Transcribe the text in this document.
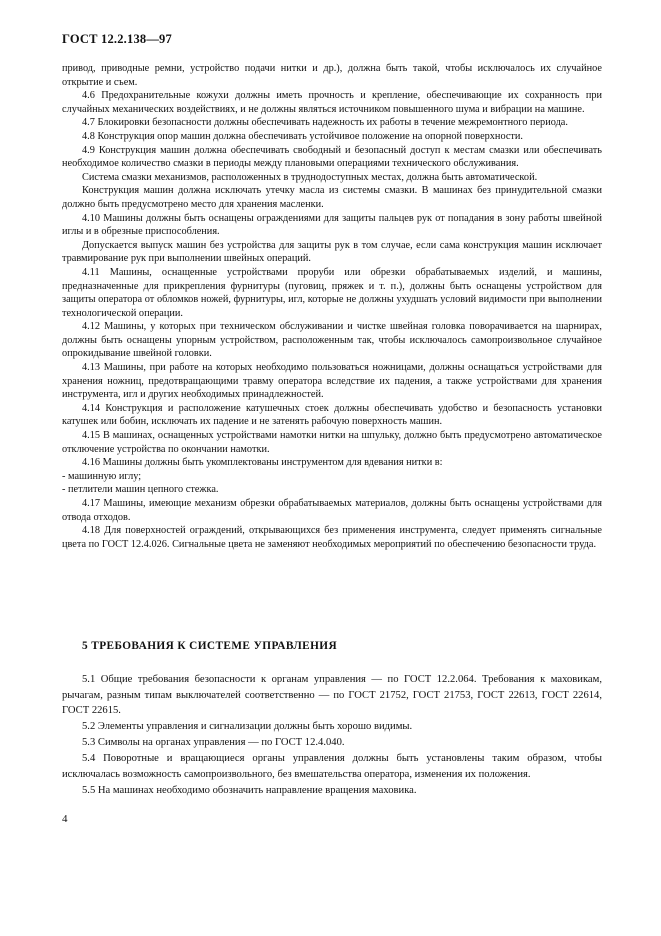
ГОСТ 12.2.138—97

привод, приводные ремни, устройство подачи нитки и др.), должна быть такой, чтобы исключалось их случайное открытие и съем.

4.6 Предохранительные кожухи должны иметь прочность и крепление, обеспечивающие их сохранность при случайных механических воздействиях, и не должны являться источником повышенного шума и вибрации на машине.

4.7 Блокировки безопасности должны обеспечивать надежность их работы в течение межремонтного периода.

4.8 Конструкция опор машин должна обеспечивать устойчивое положение на опорной поверхности.

4.9 Конструкция машин должна обеспечивать свободный и безопасный доступ к местам смазки или обеспечивать необходимое количество смазки в периоды между плановыми операциями технического обслуживания.

Система смазки механизмов, расположенных в труднодоступных местах, должна быть автоматической.

Конструкция машин должна исключать утечку масла из системы смазки. В машинах без принудительной смазки должно быть предусмотрено место для хранения масленки.

4.10 Машины должны быть оснащены ограждениями для защиты пальцев рук от попадания в зону работы швейной иглы и в обрезные приспособления.

Допускается выпуск машин без устройства для защиты рук в том случае, если сама конструкция машин исключает травмирование рук при выполнении швейных операций.

4.11 Машины, оснащенные устройствами проруби или обрезки обрабатываемых изделий, и машины, предназначенные для прикрепления фурнитуры (пуговиц, пряжек и т. п.), должны быть оснащены устройством для защиты оператора от обломков ножей, фурнитуры, игл, которые не должны ухудшать условий видимости при выполнении технологической операции.

4.12 Машины, у которых при техническом обслуживании и чистке швейная головка поворачивается на шарнирах, должны быть оснащены упорным устройством, расположенным так, чтобы исключалось самопроизвольное случайное опрокидывание швейной головки.

4.13 Машины, при работе на которых необходимо пользоваться ножницами, должны оснащаться устройствами для хранения ножниц, предотвращающими травму оператора вследствие их падения, а также устройствами для хранения инструмента, игл и других необходимых принадлежностей.

4.14 Конструкция и расположение катушечных стоек должны обеспечивать удобство и безопасность установки катушек или бобин, исключать их падение и не затенять рабочую поверхность машин.

4.15 В машинах, оснащенных устройствами намотки нитки на шпульку, должно быть предусмотрено автоматическое отключение устройства по окончании намотки.

4.16 Машины должны быть укомплектованы инструментом для вдевания нитки в:

- машинную иглу;

- петлители машин цепного стежка.

4.17 Машины, имеющие механизм обрезки обрабатываемых материалов, должны быть оснащены устройствами для отвода отходов.

4.18 Для поверхностей ограждений, открывающихся без применения инструмента, следует применять сигнальные цвета по ГОСТ 12.4.026. Сигнальные цвета не заменяют необходимых мероприятий по обеспечению безопасности труда.

5 ТРЕБОВАНИЯ К СИСТЕМЕ УПРАВЛЕНИЯ

5.1 Общие требования безопасности к органам управления — по ГОСТ 12.2.064. Требования к маховикам, рычагам, разным типам выключателей соответственно — по ГОСТ 21752, ГОСТ 21753, ГОСТ 22613, ГОСТ 22614, ГОСТ 22615.

5.2 Элементы управления и сигнализации должны быть хорошо видимы.

5.3 Символы на органах управления — по ГОСТ 12.4.040.

5.4 Поворотные и вращающиеся органы управления должны быть установлены таким образом, чтобы исключалась возможность самопроизвольного, без вмешательства оператора, изменения их положения.

5.5 На машинах необходимо обозначить направление вращения маховика.

4
